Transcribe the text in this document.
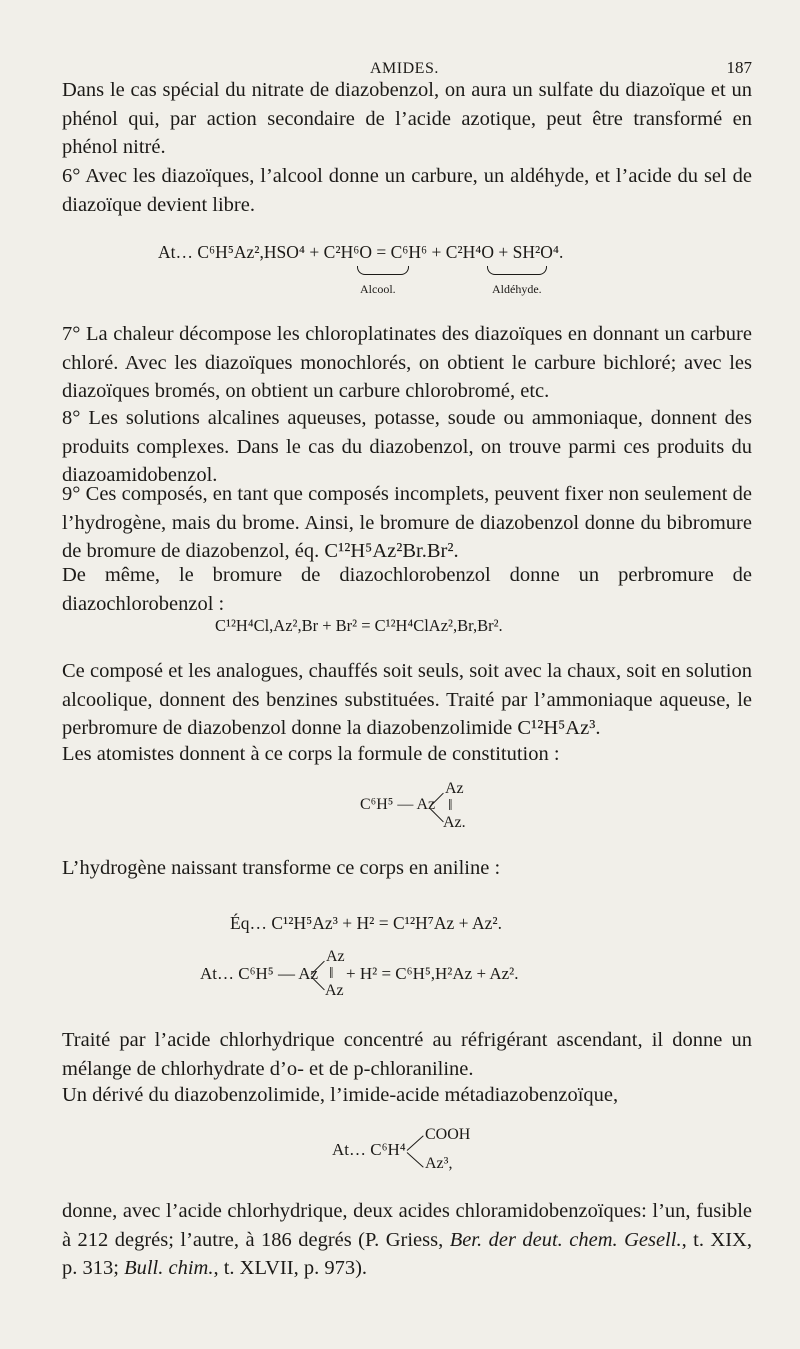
AMIDES.	187

Dans le cas spécial du nitrate de diazobenzol, on aura un sulfate du diazoïque et un phénol qui, par action secondaire de l’acide azotique, peut être transformé en phénol nitré.

6° Avec les diazoïques, l’alcool donne un carbure, un aldéhyde, et l’acide du sel de diazoïque devient libre.

At… C⁶H⁵Az²,HSO⁴ + C²H⁶O = C⁶H⁶ + C²H⁴O + SH²O⁴.
Alcool.	Aldéhyde.

7° La chaleur décompose les chloroplatinates des diazoïques en donnant un carbure chloré. Avec les diazoïques monochlorés, on obtient le carbure bichloré; avec les diazoïques bromés, on obtient un carbure chlorobromé, etc.

8° Les solutions alcalines aqueuses, potasse, soude ou ammoniaque, donnent des produits complexes. Dans le cas du diazobenzol, on trouve parmi ces produits du diazoamidobenzol.

9° Ces composés, en tant que composés incomplets, peuvent fixer non seulement de l’hydrogène, mais du brome. Ainsi, le bromure de diazobenzol donne du bibromure de bromure de diazobenzol, éq. C¹²H⁵Az²Br.Br².

De même, le bromure de diazochlorobenzol donne un perbromure de diazochlorobenzol :

C¹²H⁴Cl,Az²,Br + Br² = C¹²H⁴ClAz²,Br,Br².

Ce composé et les analogues, chauffés soit seuls, soit avec la chaux, soit en solution alcoolique, donnent des benzines substituées. Traité par l’ammoniaque aqueuse, le perbromure de diazobenzol donne la diazobenzolimide C¹²H⁵Az³.

Les atomistes donnent à ce corps la formule de constitution :

C⁶H⁵ — Az
Az
‖
Az.

L’hydrogène naissant transforme ce corps en aniline :

Éq… C¹²H⁵Az³ + H² = C¹²H⁷Az + Az².
At… C⁶H⁵ — Az
Az
‖
Az
+ H² = C⁶H⁵,H²Az + Az².

Traité par l’acide chlorhydrique concentré au réfrigérant ascendant, il donne un mélange de chlorhydrate d’o- et de p-chloraniline.

Un dérivé du diazobenzolimide, l’imide-acide métadiazobenzoïque,

At… C⁶H⁴
COOH
Az³,

donne, avec l’acide chlorhydrique, deux acides chloramidobenzoïques: l’un, fusible à 212 degrés; l’autre, à 186 degrés (P. Griess, Ber. der deut. chem. Gesell., t. XIX, p. 313; Bull. chim., t. XLVII, p. 973).
